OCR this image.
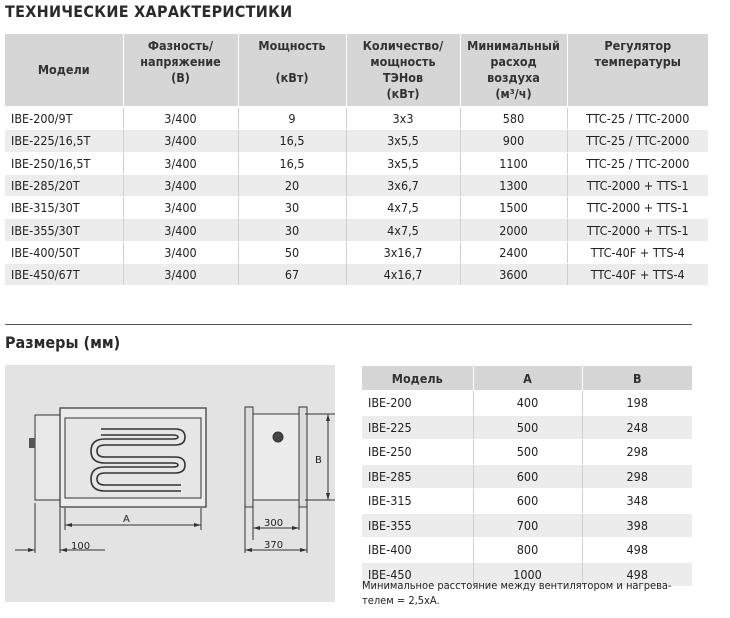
ТЕХНИЧЕСКИЕ ХАРАКТЕРИСТИКИ
Модели	Фазность/
напряжение
(В)	Мощность

(кВт)	Количество/
мощность
ТЭНов
(кВт)	Минимальный
расход
воздуха
(м³/ч)	Регулятор
температуры
IBE-200/9T	3/400	9	3x3	580	TTC-25 / TTC-2000
IBE-225/16,5T	3/400	16,5	3x5,5	900	TTC-25 / TTC-2000
IBE-250/16,5T	3/400	16,5	3x5,5	1100	TTC-25 / TTC-2000
IBE-285/20T	3/400	20	3x6,7	1300	TTC-2000 + TTS-1
IBE-315/30T	3/400	30	4x7,5	1500	TTC-2000 + TTS-1
IBE-355/30T	3/400	30	4x7,5	2000	TTC-2000 + TTS-1
IBE-400/50T	3/400	50	3x16,7	2400	TTC-40F + TTS-4
IBE-450/67T	3/400	67	4x16,7	3600	TTC-40F + TTS-4
Размеры (мм)
A
100
B
300
370
Модель	A	B
IBE-200	400	198
IBE-225	500	248
IBE-250	500	298
IBE-285	600	298
IBE-315	600	348
IBE-355	700	398
IBE-400	800	498
IBE-450	1000	498
Минимальное расстояние между вентилятором и нагрева-
телем = 2,5хА.
